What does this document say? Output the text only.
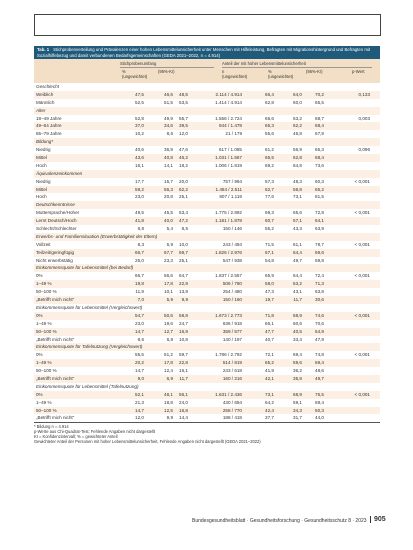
Tab. 1 Stichprobenverteilung und Prävalenzen einer hohen Lebensmittelunsicherheit unter Menschen mit Hilfeleistung, Befragten mit Migrationshintergrund und Befragten mit Sozialhilfebezug und damit verbundenen Bedarfsgemeinschaften (GEDA 2021–2022, n = 4.914)
Stichprobenumfang	Anteil der mit hoher Lebensmittelunsicherheit
%
(ungewichtet)
(95%-KI)	n
(ungewichtet)
%
(ungewichtet)
(95%-KI)	p-Wert
Geschlecht
Weiblich	47,5	46,6 48,5	2.114 / 4.914	66,4	64,0	70,2	0,133
Männlich	52,5	51,5 53,5	1.414 / 4.914	62,8	60,0	65,5
Alter
18–49 Jahre	52,8	49,9 55,7	1.556 / 2.724	66,6	63,2	68,7	0,003
49–64 Jahre	37,0	34,6 39,5	944 / 1.478	65,3	62,2	68,4
65–79 Jahre	10,2	8,6 12,0	21 / 179	55,6	46,8	67,9
Bildung*
Niedrig	40,6	36,9 47,6	617 / 1.085	61,2	56,9	65,3	0,096
Mittel	43,6	40,8 46,2	1.031 / 1.567	65,5	62,8	68,4
Hoch	16,1	14,1 18,2	1.006 / 1.819	69,2	64,8	73,6
Äquivalenzeinkommen
Niedrig	17,7	15,7 20,0	757 / 994	57,3	48,3	60,3	< 0,001
Mittel	59,2	56,3 62,2	1.484 / 2.511	62,7	58,8	65,2
Hoch	23,0	20,8 25,1	807 / 1.119	77,6	73,1	81,5
Deutschkenntnisse
Muttersprache/Hoher	49,5	45,5 53,4	1.775 / 2.892	69,3	65,6	72,8	< 0,001
Lernt Deutsch/Hoch	41,8	40,0 47,2	1.181 / 1.878	60,7	57,1	64,1
Schlecht/Schlechter	6,8	5,4 8,5	150 / 146	55,2	43,3	63,9
Erwerbs- und Familiensituation (Erwerbstätigkeit der Eltern)
Vollzeit	8,3	6,9 10,0	243 / 494	71,5	61,1	78,7	< 0,001
Teilzeit/geringfügig	66,7	67,7 69,7	1.826 / 2.976	67,1	64,4	69,6
Nicht erwerbstätig	25,0	23,3 25,1	547 / 938	54,8	49,7	59,8
Einkommensquote für Lebensmittel (bei Bedarf)
0%	66,7	56,6 64,7	1.837 / 2.557	65,9	64,4	72,4	< 0,001
1–49 %	19,8	17,8 22,9	506 / 780	58,0	63,2	71,3
50–100 %	11,9	10,1 13,9	254 / 480	47,3	43,1	63,8
„Betrifft mich nicht"	7,0	5,9 9,9	150 / 160	19,7	11,7	30,6
Einkommensquote für Lebensmittel (Vergleichswert)
0%	54,7	50,6 58,8	1.673 / 2.773	71,8	68,9	74,6	< 0,001
1–49 %	23,0	19,6 24,7	636 / 918	66,1	60,6	70,6
50–100 %	14,7	12,7 16,9	359 / 577	47,7	40,5	54,9
„Betrifft mich nicht"	8,6	6,8 10,8	140 / 197	40,7	33,4	47,9
Einkommensquote für Tafelnutzung (Vergleichswert)
0%	55,5	51,2 59,7	1.786 / 2.792	72,1	69,4	74,8	< 0,001
1–49 %	20,2	17,8 22,8	514 / 819	65,2	59,6	69,4
50–100 %	14,7	12,4 16,1	243 / 618	41,9	36,2	48,6
„Betrifft mich nicht"	9,0	6,9 11,7	160 / 216	42,1	35,8	49,7
Einkommensquote für Lebensmittel (Tafelnutzung)
0%	52,1	48,1 56,1	1.631 / 2.436	73,1	68,9	75,5	< 0,001
1–49 %	21,3	18,8 24,0	430 / 694	64,2	59,1	69,4
50–100 %	14,7	12,5 16,8	258 / 770	42,4	34,3	50,3
„Betrifft mich nicht"	12,0	9,9 14,4	188 / 418	37,7	31,7	44,0
* Bildung n = 4.914
p-Werte aus Chi-Quadrat-Test; Fehlende Angaben nicht dargestellt
KI = Konfidenzintervall; % = gewichteter Anteil
Gewichteter Anteil der Personen mit hoher Lebensmittelunsicherheit, Fehlende Angaben nicht dargestellt (GEDA 2021–2022)
Bundesgesundheitsblatt · Gesundheitsforschung · Gesundheitsschutz 8 · 2023	905
